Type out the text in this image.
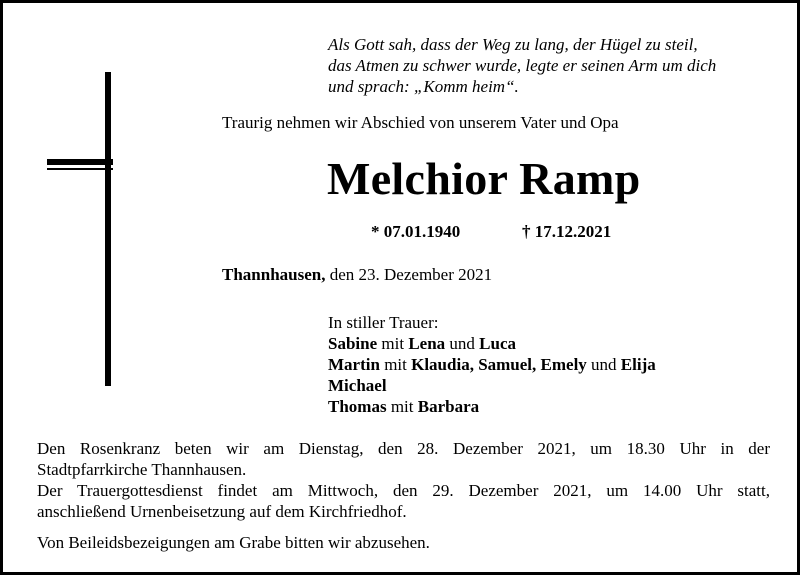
Als Gott sah, dass der Weg zu lang, der Hügel zu steil,
das Atmen zu schwer wurde, legte er seinen Arm um dich
und sprach: „Komm heim“.
Traurig nehmen wir Abschied von unserem Vater und Opa
Melchior Ramp
* 07.01.1940	† 17.12.2021
Thannhausen, den 23. Dezember 2021
In stiller Trauer:
Sabine mit Lena und Luca
Martin mit Klaudia, Samuel, Emely und Elija
Michael
Thomas mit Barbara
Den Rosenkranz beten wir am Dienstag, den 28. Dezember 2021, um 18.30 Uhr in der
Stadtpfarrkirche Thannhausen.
Der Trauergottesdienst findet am Mittwoch, den 29. Dezember 2021, um 14.00 Uhr statt,
anschließend Urnenbeisetzung auf dem Kirchfriedhof.
Von Beileidsbezeigungen am Grabe bitten wir abzusehen.
